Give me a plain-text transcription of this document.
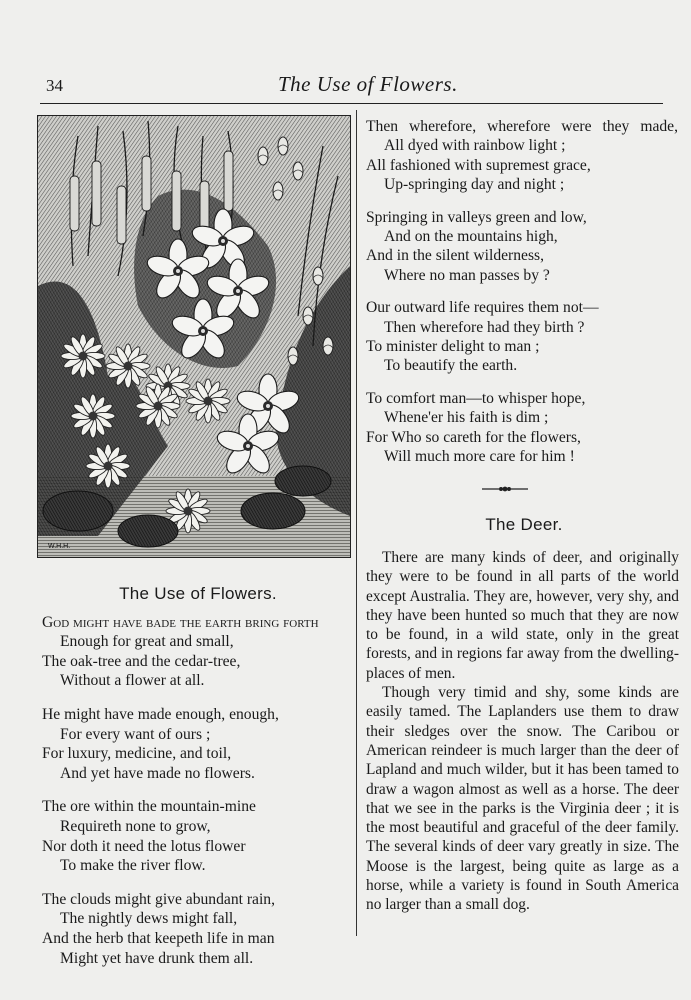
34	The Use of Flowers.
W.H.H.
The Use of Flowers.

God might have bade the earth bring forth

Enough for great and small,

The oak-tree and the cedar-tree,

Without a flower at all.

He might have made enough, enough,

For every want of ours ;

For luxury, medicine, and toil,

And yet have made no flowers.

The ore within the mountain-mine

Requireth none to grow,

Nor doth it need the lotus flower

To make the river flow.

The clouds might give abundant rain,

The nightly dews might fall,

And the herb that keepeth life in man

Might yet have drunk them all.

Then wherefore, wherefore were they made,

All dyed with rainbow light ;

All fashioned with supremest grace,

Up-springing day and night ;

Springing in valleys green and low,

And on the mountains high,

And in the silent wilderness,

Where no man passes by ?

Our outward life requires them not—

Then wherefore had they birth ?

To minister delight to man ;

To beautify the earth.

To comfort man—to whisper hope,

Whene'er his faith is dim ;

For Who so careth for the flowers,

Will much more care for him !

The Deer.

There are many kinds of deer, and originally they were to be found in all parts of the world except Australia. They are, however, very shy, and they have been hunted so much that they are now to be found, in a wild state, only in the great forests, and in regions far away from the dwelling-places of men.

Though very timid and shy, some kinds are easily tamed. The Laplanders use them to draw their sledges over the snow. The Caribou or American reindeer is much larger than the deer of Lapland and much wilder, but it has been tamed to draw a wagon almost as well as a horse. The deer that we see in the parks is the Virginia deer ; it is the most beautiful and graceful of the deer family. The several kinds of deer vary greatly in size. The Moose is the largest, being quite as large as a horse, while a variety is found in South America no larger than a small dog.
